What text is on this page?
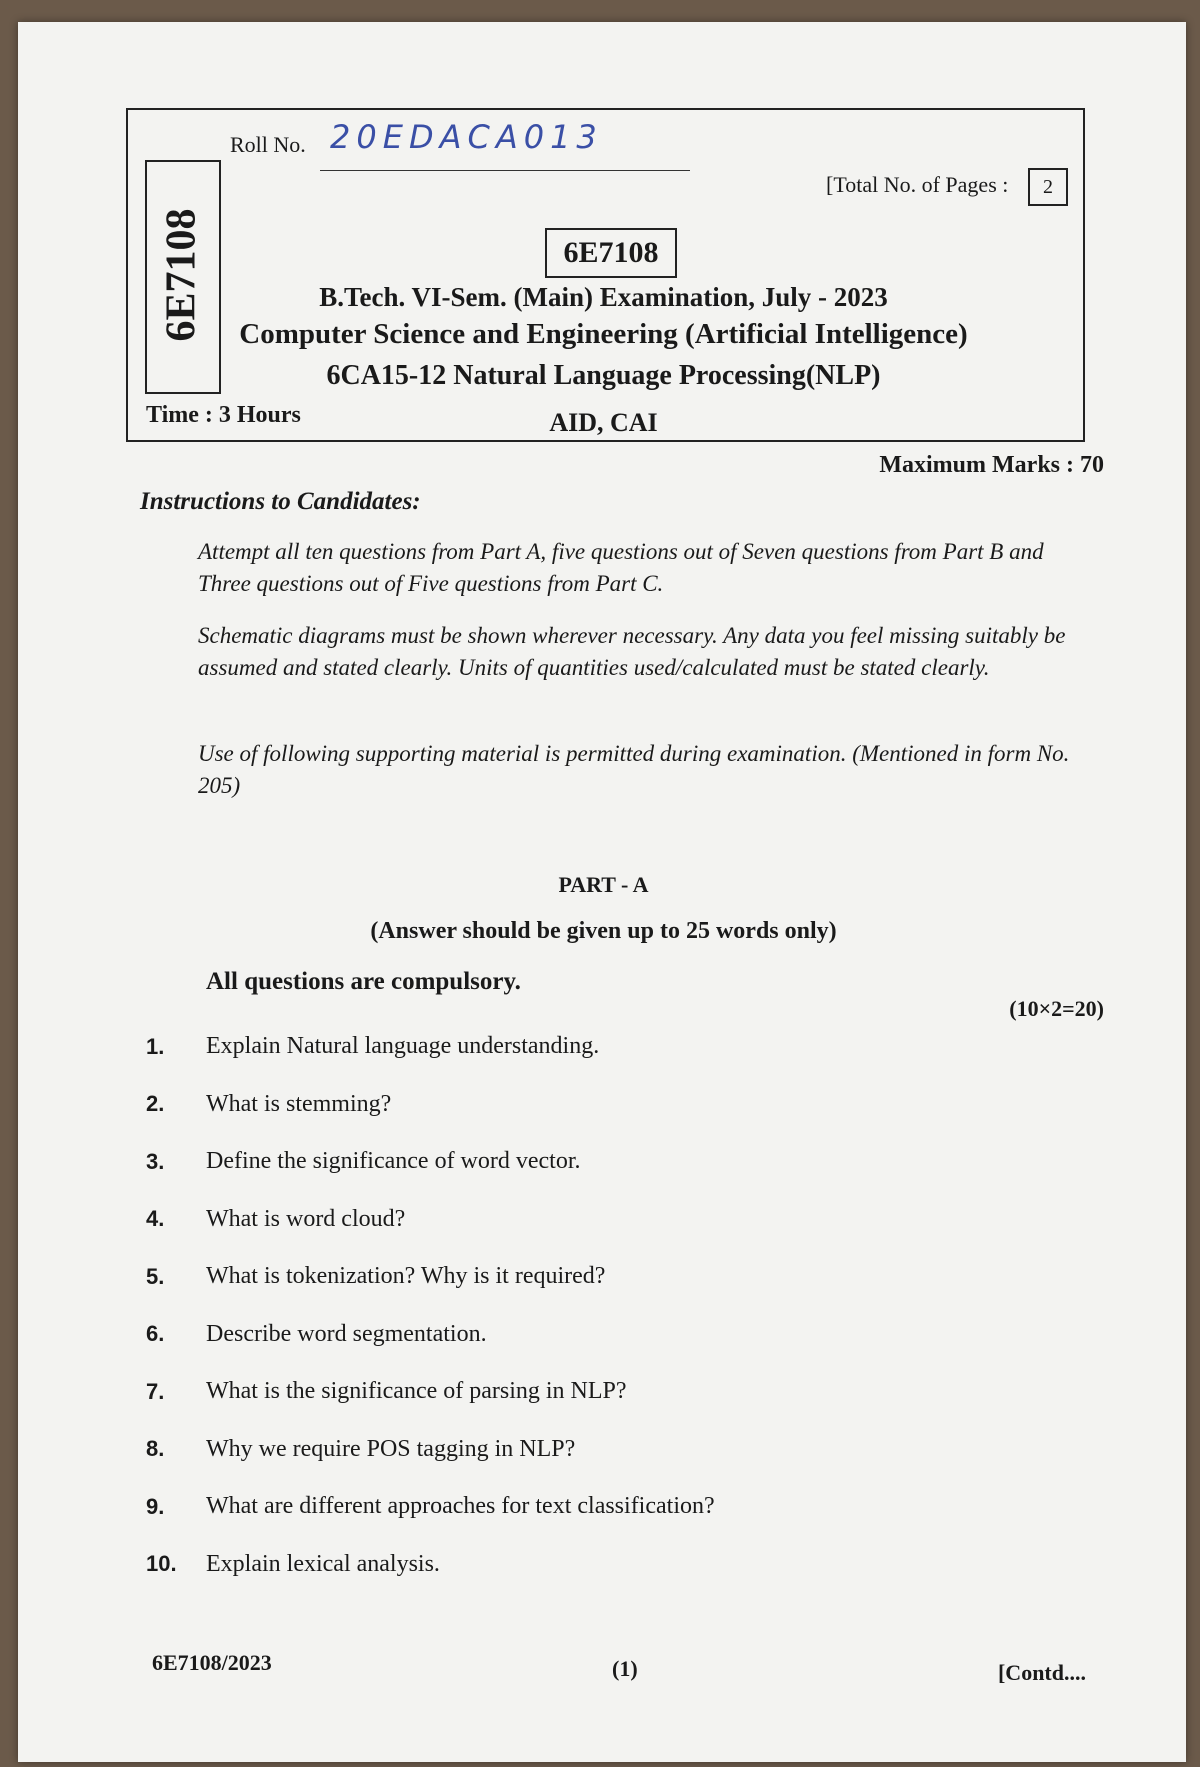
6E7108
Roll No. 20EDACA013
[Total No. of Pages :	2
6E7108
B.Tech. VI-Sem. (Main) Examination, July - 2023
Computer Science and Engineering (Artificial Intelligence)
6CA15-12 Natural Language Processing(NLP)
Time : 3 Hours	AID, CAI
Maximum Marks : 70
Instructions to Candidates:

Attempt all ten questions from Part A, five questions out of Seven questions from Part B and Three questions out of Five questions from Part C.

Schematic diagrams must be shown wherever necessary. Any data you feel missing suitably be assumed and stated clearly. Units of quantities used/calculated must be stated clearly.

Use of following supporting material is permitted during examination. (Mentioned in form No. 205)

PART - A
(Answer should be given up to 25 words only)
All questions are compulsory.
(10×2=20)
1.	Explain Natural language understanding.
2.	What is stemming?
3.	Define the significance of word vector.
4.	What is word cloud?
5.	What is tokenization? Why is it required?
6.	Describe word segmentation.
7.	What is the significance of parsing in NLP?
8.	Why we require POS tagging in NLP?
9.	What are different approaches for text classification?
10.	Explain lexical analysis.
6E7108/2023	(1)	[Contd....
